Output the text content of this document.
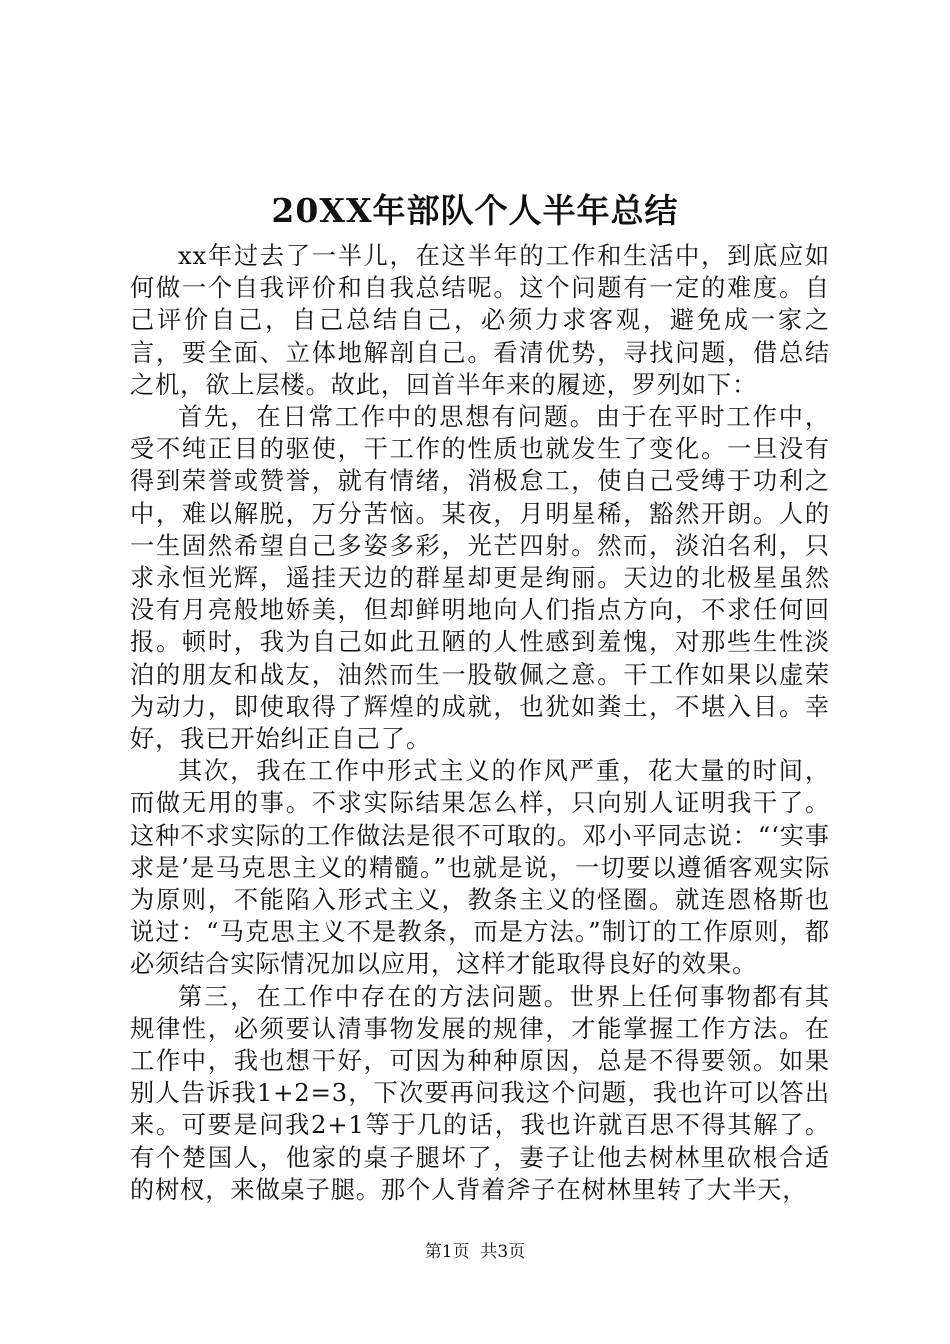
20XX年部队个人半年总结

xx年过去了一半儿，在这半年的工作和生活中，到底应如何做一个自我评价和自我总结呢。这个问题有一定的难度。自己评价自己，自己总结自己，必须力求客观，避免成一家之言，要全面、立体地解剖自己。看清优势，寻找问题，借总结之机，欲上层楼。故此，回首半年来的履迹，罗列如下：

首先，在日常工作中的思想有问题。由于在平时工作中，受不纯正目的驱使，干工作的性质也就发生了变化。一旦没有得到荣誉或赞誉，就有情绪，消极怠工，使自己受缚于功利之中，难以解脱，万分苦恼。某夜，月明星稀，豁然开朗。人的一生固然希望自己多姿多彩，光芒四射。然而，淡泊名利，只求永恒光辉，遥挂天边的群星却更是绚丽。天边的北极星虽然没有月亮般地娇美，但却鲜明地向人们指点方向，不求任何回报。顿时，我为自己如此丑陋的人性感到羞愧，对那些生性淡泊的朋友和战友，油然而生一股敬佩之意。干工作如果以虚荣为动力，即使取得了辉煌的成就，也犹如粪土，不堪入目。幸好，我已开始纠正自己了。

其次，我在工作中形式主义的作风严重，花大量的时间，而做无用的事。不求实际结果怎么样，只向别人证明我干了。这种不求实际的工作做法是很不可取的。邓小平同志说：“‘实事求是’是马克思主义的精髓。”也就是说，一切要以遵循客观实际为原则，不能陷入形式主义，教条主义的怪圈。就连恩格斯也说过：“马克思主义不是教条，而是方法。”制订的工作原则，都必须结合实际情况加以应用，这样才能取得良好的效果。

第三，在工作中存在的方法问题。世界上任何事物都有其规律性，必须要认清事物发展的规律，才能掌握工作方法。在工作中，我也想干好，可因为种种原因，总是不得要领。如果别人告诉我1+2=3，下次要再问我这个问题，我也许可以答出来。可要是问我2+1等于几的话，我也许就百思不得其解了。有个楚国人，他家的桌子腿坏了，妻子让他去树林里砍根合适的树杈，来做桌子腿。那个人背着斧子在树林里转了大半天，

第1页 共3页
